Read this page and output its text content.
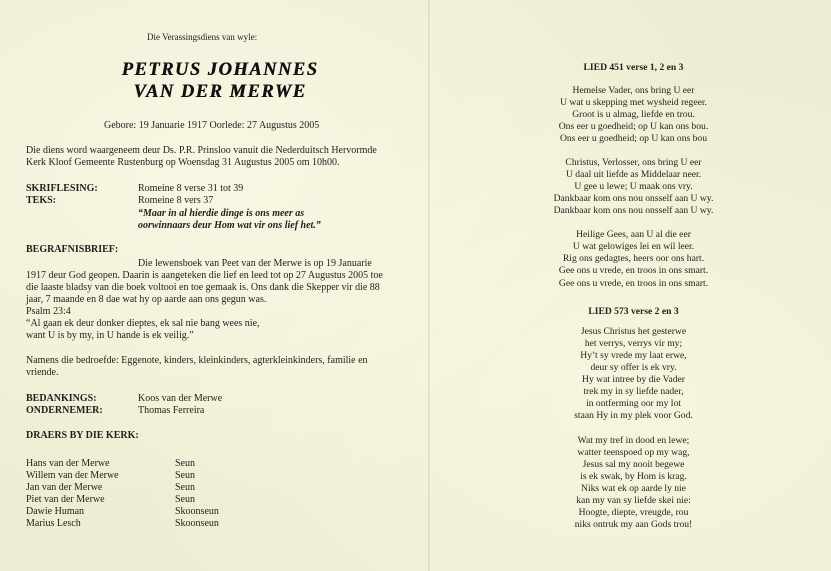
Die Verassingsdiens van wyle:
PETRUS JOHANNES
VAN DER MERWE
Gebore: 19 Januarie 1917 Oorlede: 27 Augustus 2005
Die diens word waargeneem deur Ds. P.R. Prinsloo vanuit die Nederduitsch Hervormde
Kerk Kloof Gemeente Rustenburg op Woensdag 31 Augustus 2005 om 10h00.
SKRIFLESING:	Romeine 8 verse 31 tot 39
TEKS:	Romeine 8 vers 37
“Maar in al hierdie dinge is ons meer as
oorwinnaars deur Hom wat vir ons lief het.”
BEGRAFNISBRIEF:
Die lewensboek van Peet van der Merwe is op 19 Januarie
1917 deur God geopen. Daarin is aangeteken die lief en leed tot op 27 Augustus 2005 toe
die laaste bladsy van die boek voltooi en toe gemaak is. Ons dank die Skepper vir die 88
jaar, 7 maande en 8 dae wat hy op aarde aan ons gegun was.
Psalm 23:4
“Al gaan ek deur donker dieptes, ek sal nie bang wees nie,
want U is by my, in U hande is ek veilig.”
Namens die bedroefde: Eggenote, kinders, kleinkinders, agterkleinkinders, familie en
vriende.
BEDANKINGS:	Koos van der Merwe
ONDERNEMER:	Thomas Ferreira
DRAERS BY DIE KERK:
Hans van der Merwe	Seun
Willem van der Merwe	Seun
Jan van der Merwe	Seun
Piet van der Merwe	Seun
Dawie Human	Skoonseun
Marius Lesch	Skoonseun
LIED 451 verse 1, 2 en 3
Hemelse Vader, ons bring U eer
U wat u skepping met wysheid regeer.
Groot is u almag, liefde en trou.
Ons eer u goedheid; op U kan ons bou.
Ons eer u goedheid; op U kan ons bou
Christus, Verlosser, ons bring U eer
U daal uit liefde as Middelaar neer.
U gee u lewe; U maak ons vry.
Dankbaar kom ons nou onsself aan U wy.
Dankbaar kom ons nou onsself aan U wy.
Heilige Gees, aan U al die eer
U wat gelowiges lei en wil leer.
Rig ons gedagtes, heers oor ons hart.
Gee ons u vrede, en troos in ons smart.
Gee ons u vrede, en troos in ons smart.
LIED 573 verse 2 en 3
Jesus Christus het gesterwe
het verrys, verrys vir my;
Hy’t sy vrede my laat erwe,
deur sy offer is ek vry.
Hy wat intree by die Vader
trek my in sy liefde nader,
in ontferming oor my lot
staan Hy in my plek voor God.
Wat my tref in dood en lewe;
watter teenspoed op my wag,
Jesus sal my nooit begewe
is ek swak, by Hom is krag.
Niks wat ek op aarde ly nie
kan my van sy liefde skei nie:
Hoogte, diepte, vreugde, rou
niks ontruk my aan Gods trou!
